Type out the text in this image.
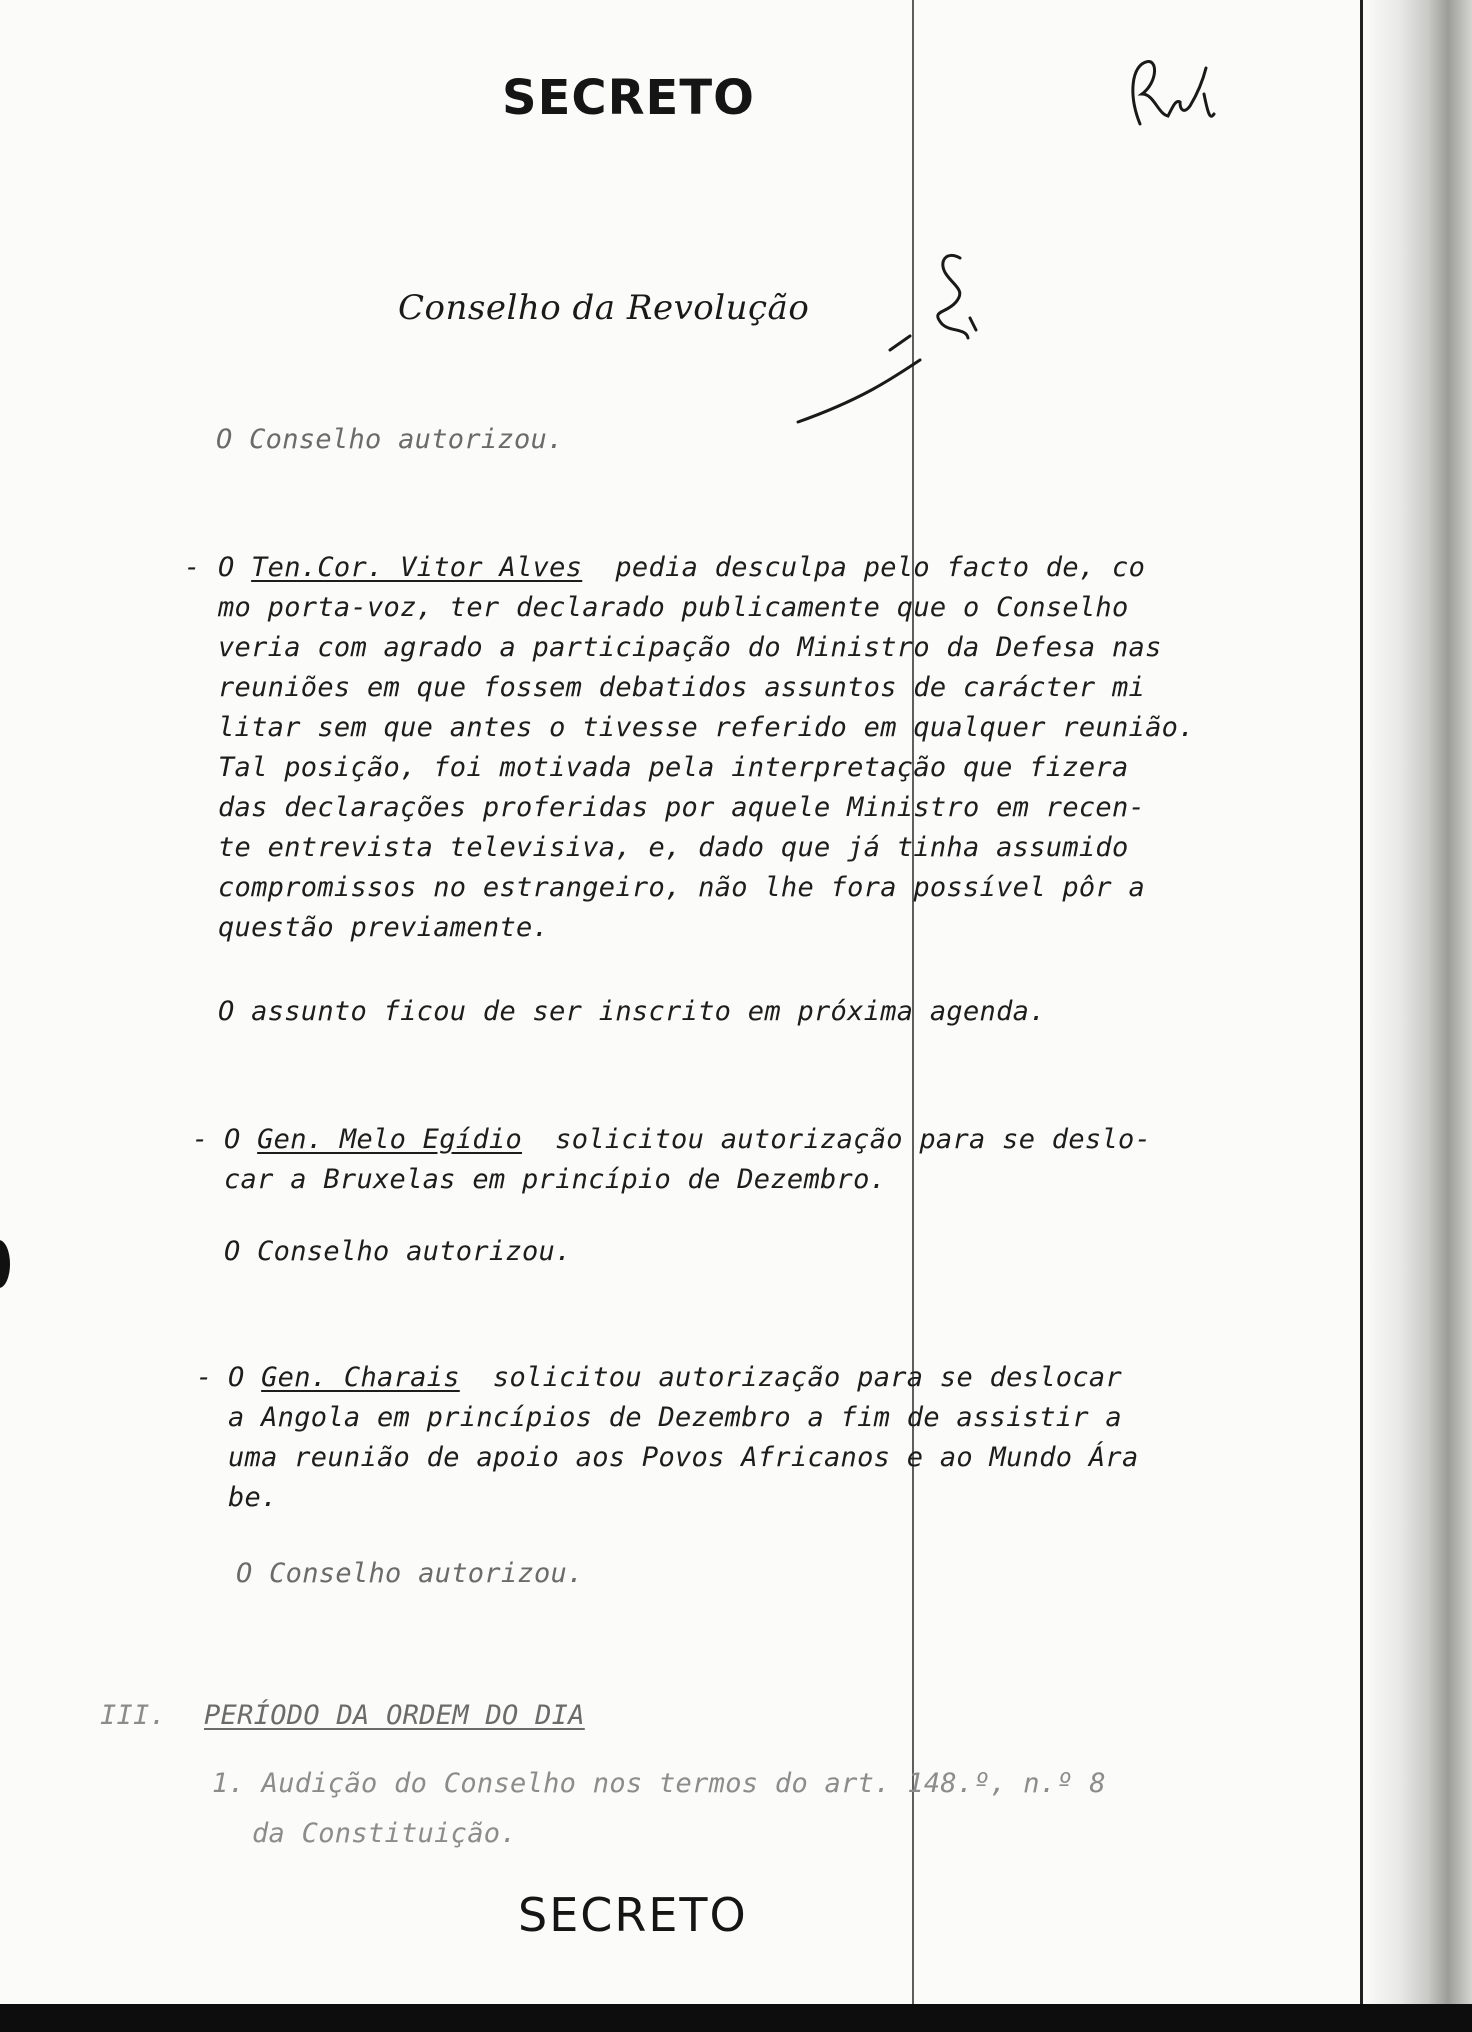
SECRETO
Conselho da Revolução
O Conselho autorizou.
- O Ten.Cor. Vitor Alves pedia desculpa pelo facto de, co
mo porta-voz, ter declarado publicamente que o Conselho
veria com agrado a participação do Ministro da Defesa nas
reuniões em que fossem debatidos assuntos de carácter mi
litar sem que antes o tivesse referido em qualquer reunião.
Tal posição, foi motivada pela interpretação que fizera
das declarações proferidas por aquele Ministro em recen-
te entrevista televisiva, e, dado que já tinha assumido
compromissos no estrangeiro, não lhe fora possível pôr a
questão previamente.
O assunto ficou de ser inscrito em próxima agenda.
- O Gen. Melo Egídio solicitou autorização para se deslo-
car a Bruxelas em princípio de Dezembro.
O Conselho autorizou.
- O Gen. Charais solicitou autorização para se deslocar
a Angola em princípios de Dezembro a fim de assistir a
uma reunião de apoio aos Povos Africanos e ao Mundo Ára
be.
O Conselho autorizou.
III. PERÍODO DA ORDEM DO DIA
1. Audição do Conselho nos termos do art. 148.º, n.º 8
da Constituição.
SECRETO
